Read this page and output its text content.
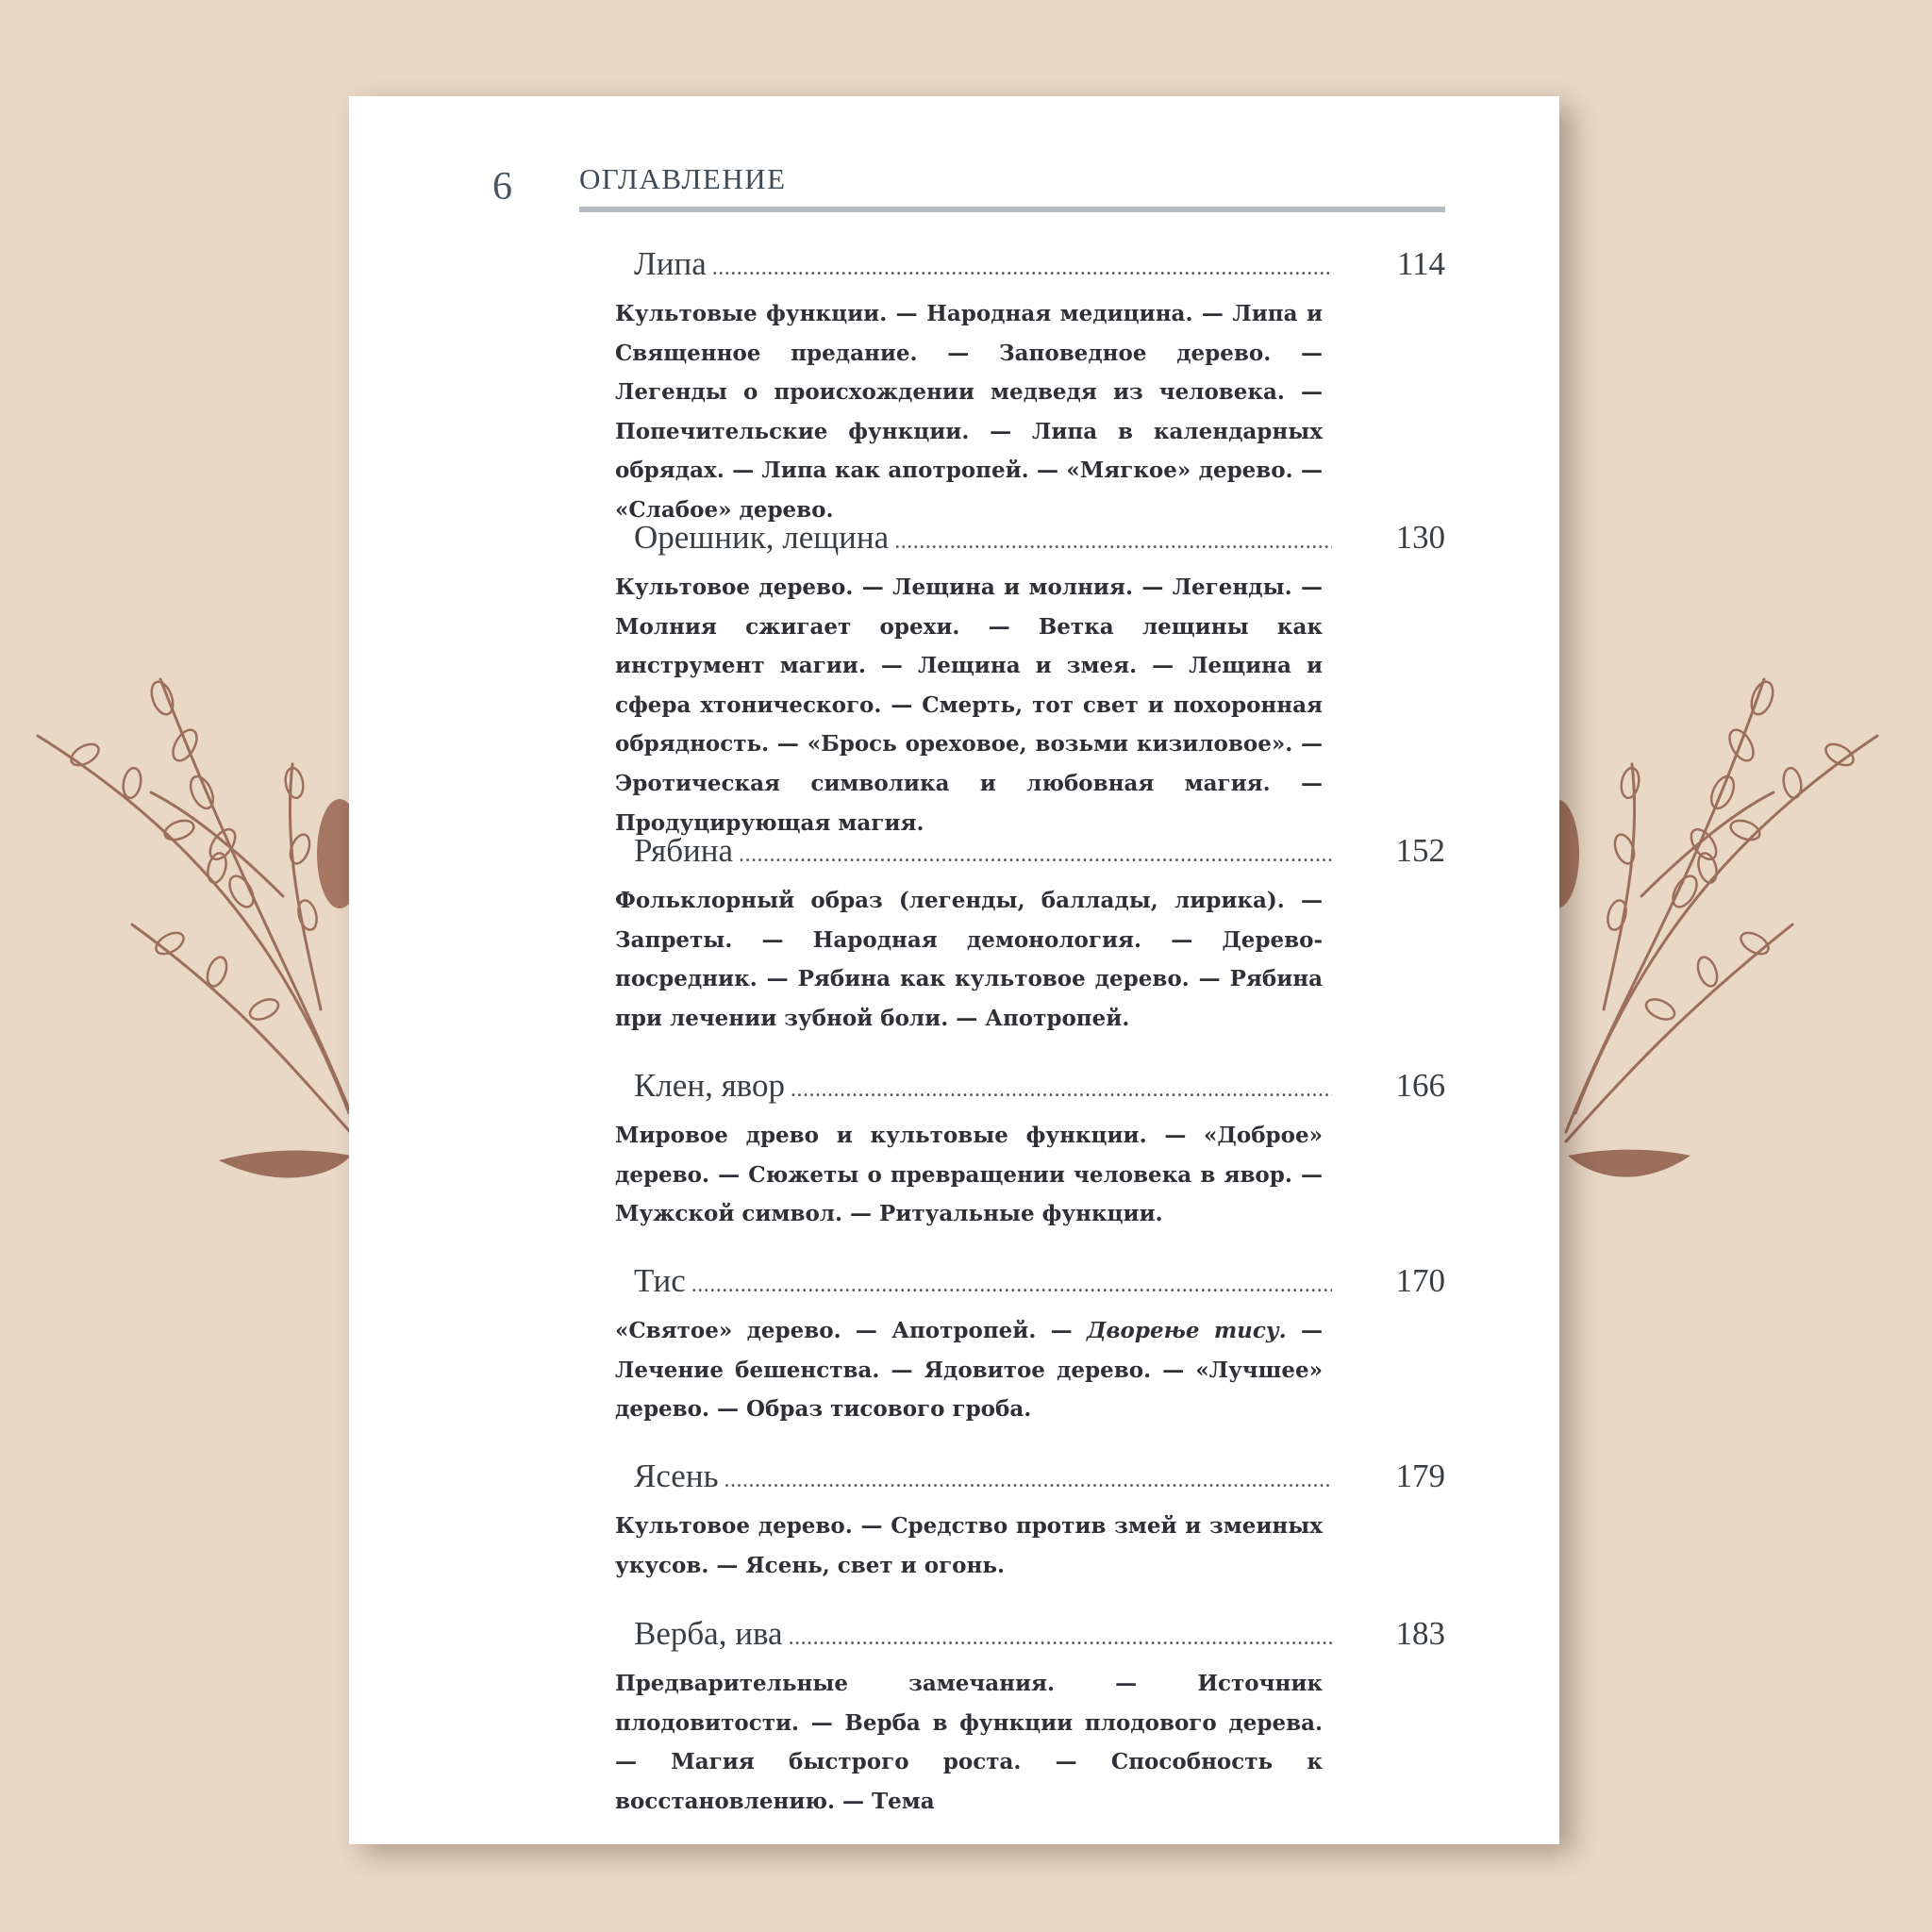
6 ОГЛАВЛЕНИЕ
Липа .....	114
Культовые функции. — Народная медицина. — Липа и Священное предание. — Заповедное дерево. — Легенды о происхождении медведя из человека. — Попечительские функции. — Липа в календарных обрядах. — Липа как апотропей. — «Мягкое» дерево. — «Слабое» дерево.
Орешник, лещина .....	130
Культовое дерево. — Лещина и молния. — Легенды. — Молния сжигает орехи. — Ветка лещины как инструмент магии. — Лещина и змея. — Лещина и сфера хтонического. — Смерть, тот свет и похоронная обрядность. — «Брось ореховое, возьми кизиловое». — Эротическая символика и любовная магия. — Продуцирующая магия.
Рябина .....	152
Фольклорный образ (легенды, баллады, лирика). — Запреты. — Народная демонология. — Дерево-посредник. — Рябина как культовое дерево. — Рябина при лечении зубной боли. — Апотропей.
Клен, явор .....	166
Мировое древо и культовые функции. — «Доброе» дерево. — Сюжеты о превращении человека в явор. — Мужской символ. — Ритуальные функции.
Тис .....	170
«Святое» дерево. — Апотропей. — Дворење тису. — Лечение бешенства. — Ядовитое дерево. — «Лучшее» дерево. — Образ тисового гроба.
Ясень .....	179
Культовое дерево. — Средство против змей и змеиных укусов. — Ясень, свет и огонь.
Верба, ива .....	183
Предварительные замечания. — Источник плодовитости. — Верба в функции плодового дерева. — Магия быстрого роста. — Способность к восстановлению. — Тема
